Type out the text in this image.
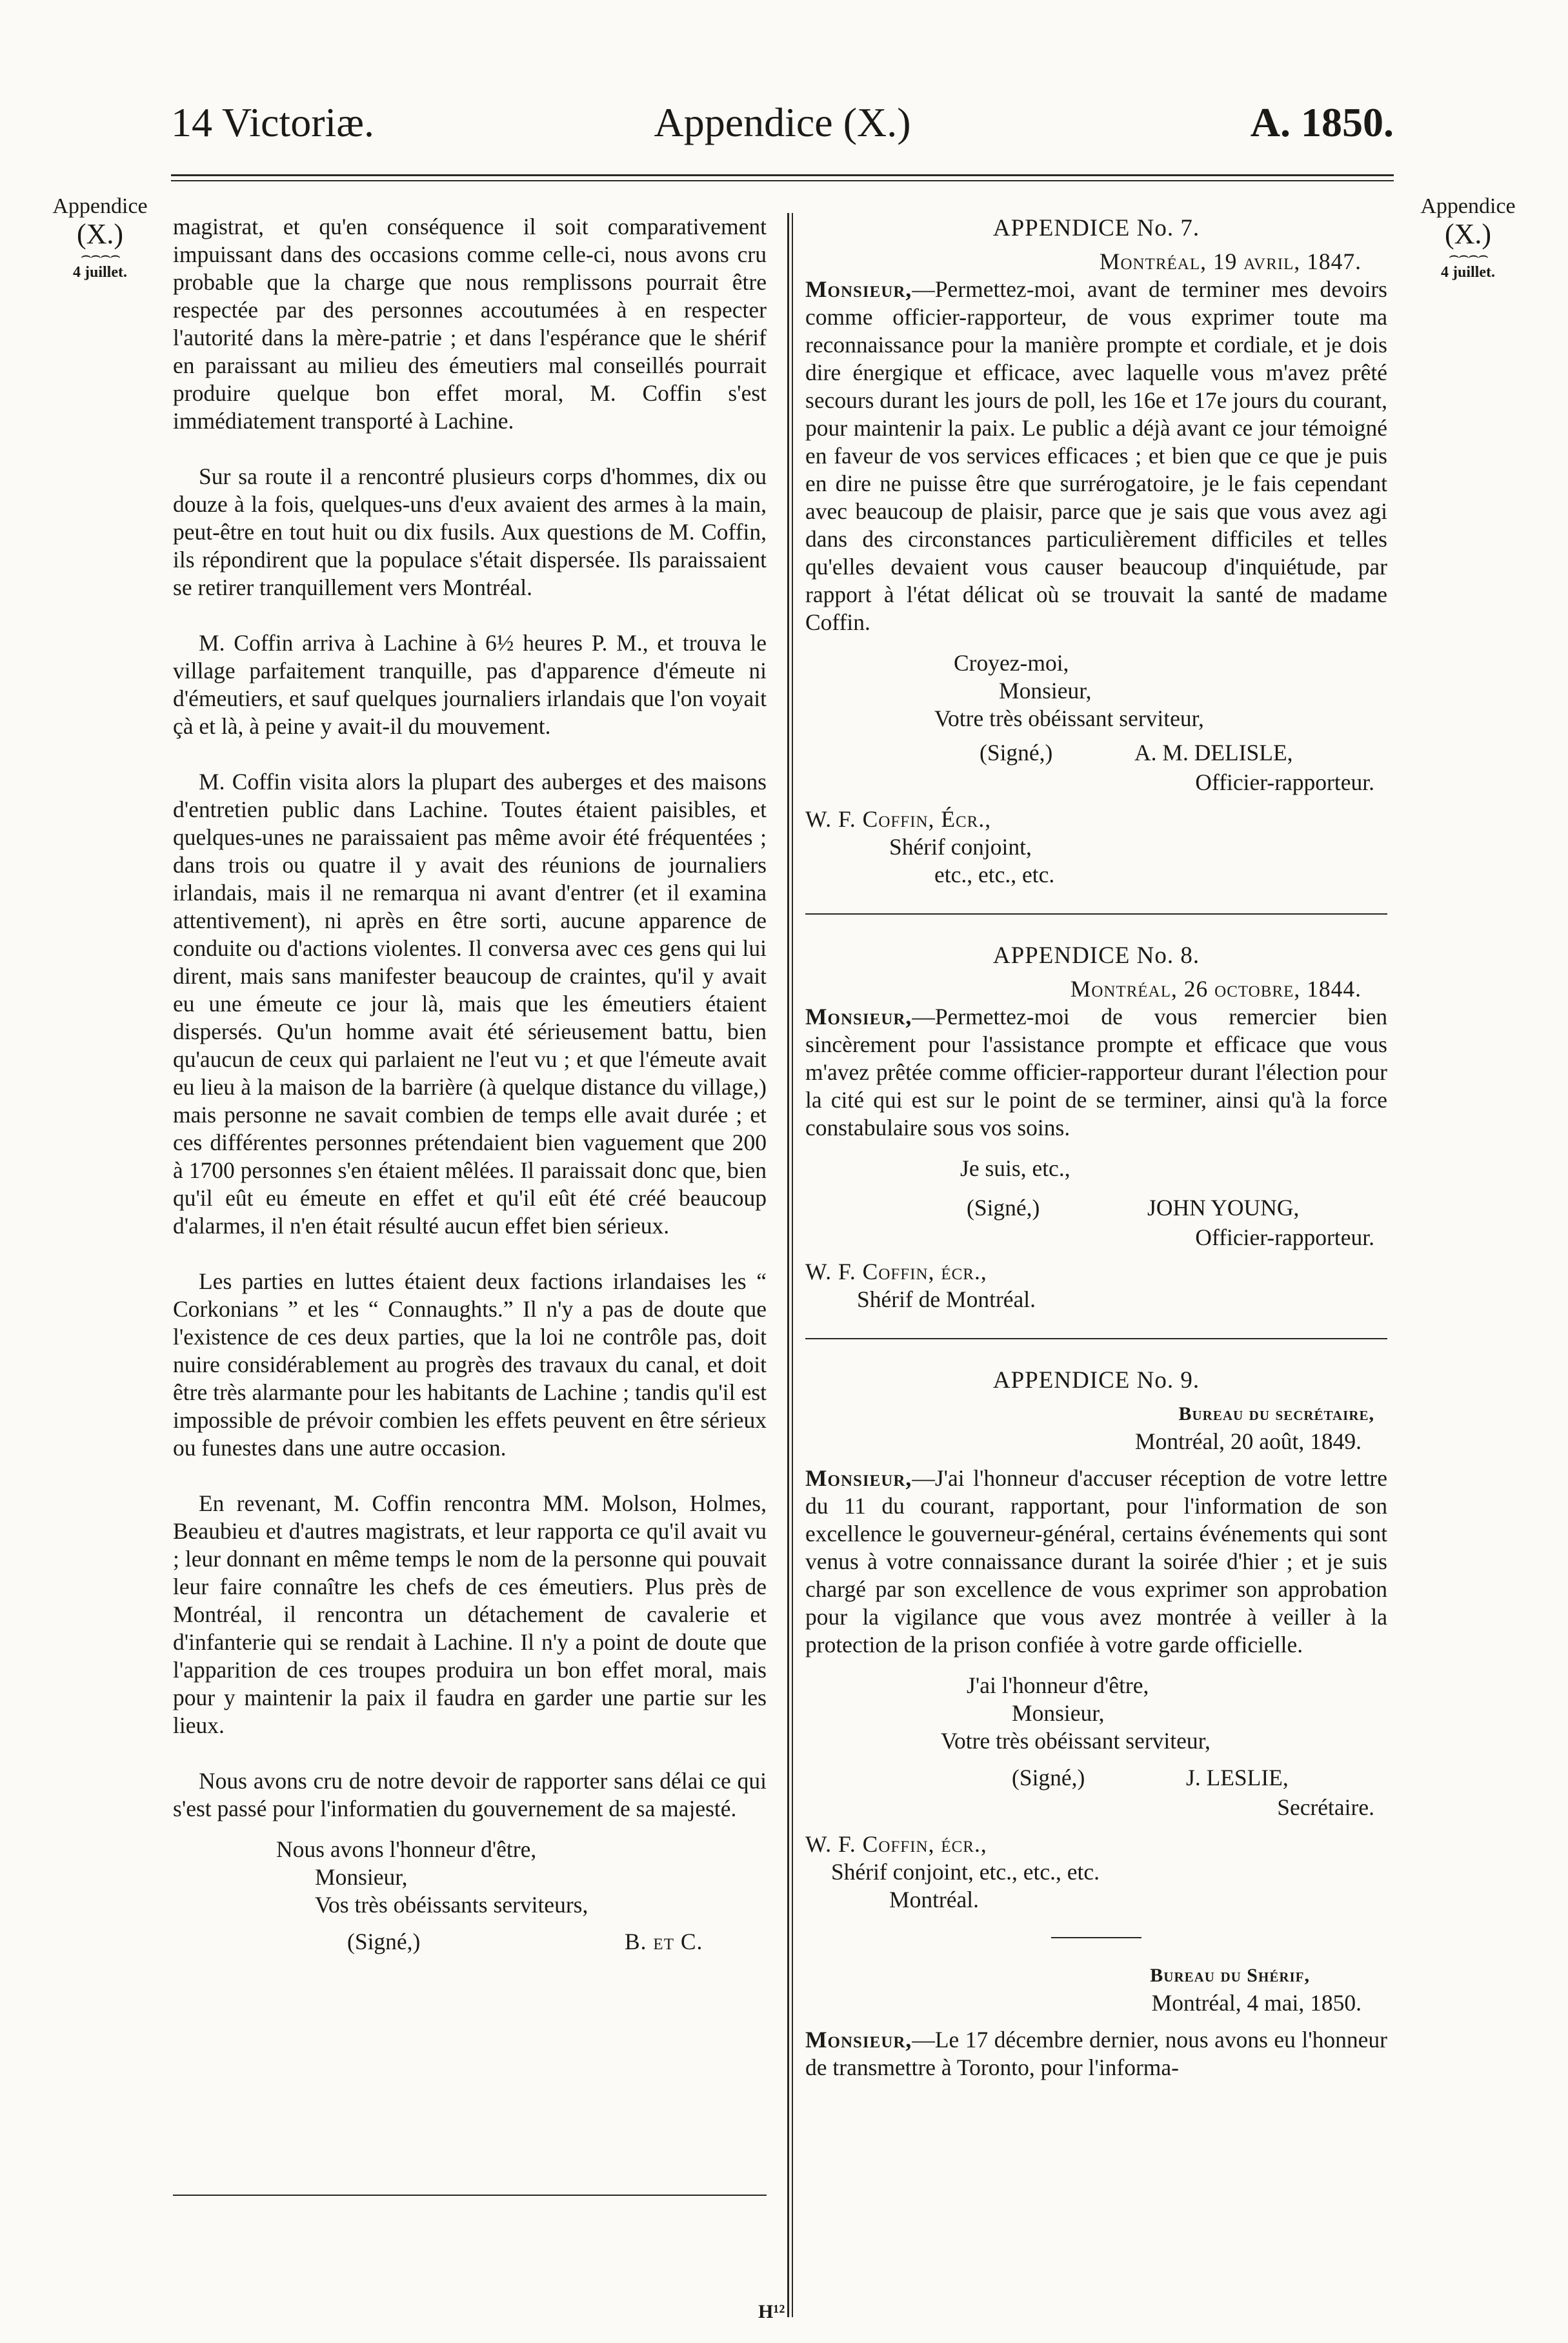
14 Victoriæ.	Appendice (X.)	A. 1850.
Appendice
(X.)
⌢⌢⌢⌢
4 juillet.
Appendice
(X.)
⌢⌢⌢⌢
4 juillet.

magistrat, et qu'en conséquence il soit comparativement impuissant dans des occasions comme celle-ci, nous avons cru probable que la charge que nous remplissons pourrait être respectée par des personnes accoutumées à en respecter l'autorité dans la mère-patrie ; et dans l'espérance que le shérif en paraissant au milieu des émeutiers mal conseillés pourrait produire quelque bon effet moral, M. Coffin s'est immédiatement transporté à Lachine.

Sur sa route il a rencontré plusieurs corps d'hommes, dix ou douze à la fois, quelques-uns d'eux avaient des armes à la main, peut-être en tout huit ou dix fusils. Aux questions de M. Coffin, ils répondirent que la populace s'était dispersée. Ils paraissaient se retirer tranquillement vers Montréal.

M. Coffin arriva à Lachine à 6½ heures P. M., et trouva le village parfaitement tranquille, pas d'apparence d'émeute ni d'émeutiers, et sauf quelques journaliers irlandais que l'on voyait çà et là, à peine y avait-il du mouvement.

M. Coffin visita alors la plupart des auberges et des maisons d'entretien public dans Lachine. Toutes étaient paisibles, et quelques-unes ne paraissaient pas même avoir été fréquentées ; dans trois ou quatre il y avait des réunions de journaliers irlandais, mais il ne remarqua ni avant d'entrer (et il examina attentivement), ni après en être sorti, aucune apparence de conduite ou d'actions violentes. Il conversa avec ces gens qui lui dirent, mais sans manifester beaucoup de craintes, qu'il y avait eu une émeute ce jour là, mais que les émeutiers étaient dispersés. Qu'un homme avait été sérieusement battu, bien qu'aucun de ceux qui parlaient ne l'eut vu ; et que l'émeute avait eu lieu à la maison de la barrière (à quelque distance du village,) mais personne ne savait combien de temps elle avait durée ; et ces différentes personnes prétendaient bien vaguement que 200 à 1700 personnes s'en étaient mêlées. Il paraissait donc que, bien qu'il eût eu émeute en effet et qu'il eût été créé beaucoup d'alarmes, il n'en était résulté aucun effet bien sérieux.

Les parties en luttes étaient deux factions irlandaises les “ Corkonians ” et les “ Connaughts.” Il n'y a pas de doute que l'existence de ces deux parties, que la loi ne contrôle pas, doit nuire considérablement au progrès des travaux du canal, et doit être très alarmante pour les habitants de Lachine ; tandis qu'il est impossible de prévoir combien les effets peuvent en être sérieux ou funestes dans une autre occasion.

En revenant, M. Coffin rencontra MM. Molson, Holmes, Beaubieu et d'autres magistrats, et leur rapporta ce qu'il avait vu ; leur donnant en même temps le nom de la personne qui pouvait leur faire connaître les chefs de ces émeutiers. Plus près de Montréal, il rencontra un détachement de cavalerie et d'infanterie qui se rendait à Lachine. Il n'y a point de doute que l'apparition de ces troupes produira un bon effet moral, mais pour y maintenir la paix il faudra en garder une partie sur les lieux.

Nous avons cru de notre devoir de rapporter sans délai ce qui s'est passé pour l'informatien du gouvernement de sa majesté.

Nous avons l'honneur d'être,
Monsieur,
Vos très obéissants serviteurs,
(Signé,)	B. et C.
APPENDICE No. 7.

Montréal, 19 avril, 1847.

Monsieur,—Permettez-moi, avant de terminer mes devoirs comme officier-rapporteur, de vous exprimer toute ma reconnaissance pour la manière prompte et cordiale, et je dois dire énergique et efficace, avec laquelle vous m'avez prêté secours durant les jours de poll, les 16e et 17e jours du courant, pour maintenir la paix. Le public a déjà avant ce jour témoigné en faveur de vos services efficaces ; et bien que ce que je puis en dire ne puisse être que surrérogatoire, je le fais cependant avec beaucoup de plaisir, parce que je sais que vous avez agi dans des circonstances particulièrement difficiles et telles qu'elles devaient vous causer beaucoup d'inquiétude, par rapport à l'état délicat où se trouvait la santé de madame Coffin.

Croyez-moi,
Monsieur,
Votre très obéissant serviteur,
(Signé,)	A. M. DELISLE,

Officier-rapporteur.

W. F. Coffin, Écr.,
Shérif conjoint,
etc., etc., etc.
APPENDICE No. 8.

Montréal, 26 octobre, 1844.

Monsieur,—Permettez-moi de vous remercier bien sincèrement pour l'assistance prompte et efficace que vous m'avez prêtée comme officier-rapporteur durant l'élection pour la cité qui est sur le point de se terminer, ainsi qu'à la force constabulaire sous vos soins.

Je suis, etc.,
(Signé,)	JOHN YOUNG,

Officier-rapporteur.

W. F. Coffin, écr.,
Shérif de Montréal.
APPENDICE No. 9.

Bureau du secrétaire,

Montréal, 20 août, 1849.

Monsieur,—J'ai l'honneur d'accuser réception de votre lettre du 11 du courant, rapportant, pour l'information de son excellence le gouverneur-général, certains événements qui sont venus à votre connaissance durant la soirée d'hier ; et je suis chargé par son excellence de vous exprimer son approbation pour la vigilance que vous avez montrée à veiller à la protection de la prison confiée à votre garde officielle.

J'ai l'honneur d'être,
Monsieur,
Votre très obéissant serviteur,
(Signé,)	J. LESLIE,

Secrétaire.

W. F. Coffin, écr.,
Shérif conjoint, etc., etc., etc.
Montréal.

Bureau du Shérif,

Montréal, 4 mai, 1850.

Monsieur,—Le 17 décembre dernier, nous avons eu l'honneur de transmettre à Toronto, pour l'informa-

H¹²
